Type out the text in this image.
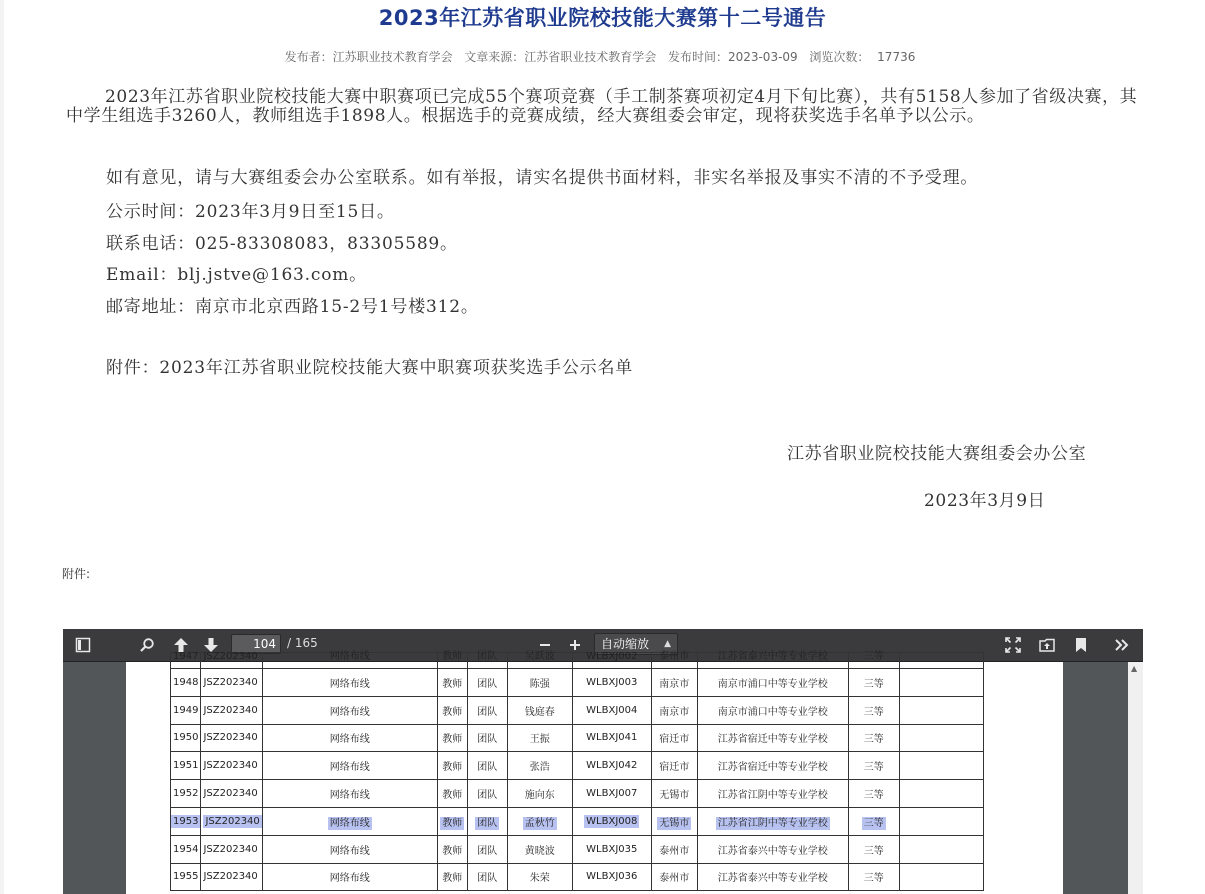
2023年江苏省职业院校技能大赛第十二号通告
发布者：江苏职业技术教育学会 文章来源：江苏省职业技术教育学会 发布时间：2023-03-09 浏览次数： 17736
2023年江苏省职业院校技能大赛中职赛项已完成55个赛项竞赛（手工制茶赛项初定4月下旬比赛），共有5158人参加了省级决赛，其中学生组选手3260人，教师组选手1898人。根据选手的竞赛成绩，经大赛组委会审定，现将获奖选手名单予以公示。
如有意见，请与大赛组委会办公室联系。如有举报，请实名提供书面材料，非实名举报及事实不清的不予受理。
公示时间：2023年3月9日至15日。
联系电话：025-83308083，83305589。
Email：blj.jstve@163.com。
邮寄地址：南京市北京西路15-2号1号楼312。
附件：2023年江苏省职业院校技能大赛中职赛项获奖选手公示名单
江苏省职业院校技能大赛组委会办公室
2023年3月9日
附件:
104 / 165	自动缩放 ▲

1947	JSZ202340	网络布线	教师	团队	吴跃波	WLBXJ002	泰州市	江苏省泰兴中等专业学校	三等	
1948	JSZ202340	网络布线	教师	团队	陈强	WLBXJ003	南京市	南京市浦口中等专业学校	三等	
1949	JSZ202340	网络布线	教师	团队	钱庭春	WLBXJ004	南京市	南京市浦口中等专业学校	三等	
1950	JSZ202340	网络布线	教师	团队	王振	WLBXJ041	宿迁市	江苏省宿迁中等专业学校	三等	
1951	JSZ202340	网络布线	教师	团队	张浩	WLBXJ042	宿迁市	江苏省宿迁中等专业学校	三等	
1952	JSZ202340	网络布线	教师	团队	施向东	WLBXJ007	无锡市	江苏省江阴中等专业学校	三等	
1953	JSZ202340	网络布线	教师	团队	孟秋竹	WLBXJ008	无锡市	江苏省江阴中等专业学校	三等	
1954	JSZ202340	网络布线	教师	团队	黄晓波	WLBXJ035	泰州市	江苏省泰兴中等专业学校	三等	
1955	JSZ202340	网络布线	教师	团队	朱荣	WLBXJ036	泰州市	江苏省泰兴中等专业学校	三等	
▲
